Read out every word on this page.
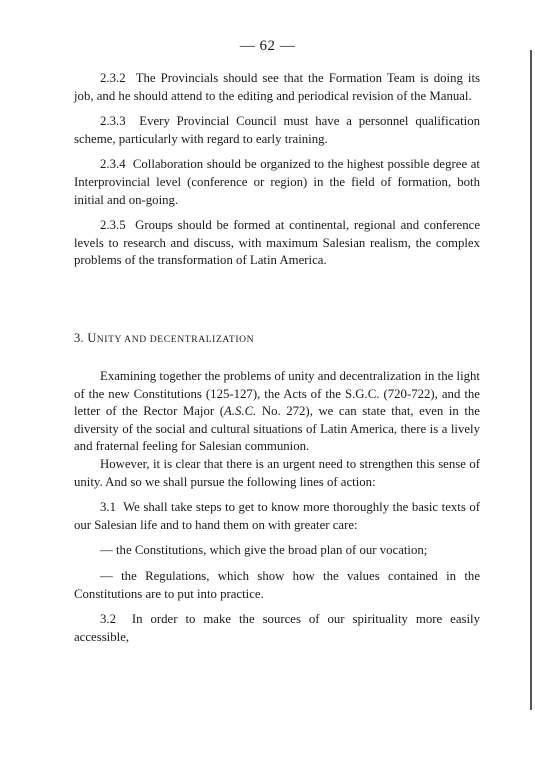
— 62 —

2.3.2 The Provincials should see that the Formation Team is doing its job, and he should attend to the editing and periodical revision of the Manual.

2.3.3 Every Provincial Council must have a personnel qualification scheme, particularly with regard to early training.

2.3.4 Collaboration should be organized to the highest possible degree at Interprovincial level (conference or region) in the field of formation, both initial and on-going.

2.3.5 Groups should be formed at continental, regional and conference levels to research and discuss, with maximum Salesian realism, the complex problems of the transformation of Latin America.

3. UNITY AND DECENTRALIZATION

Examining together the problems of unity and decentralization in the light of the new Constitutions (125-127), the Acts of the S.G.C. (720-722), and the letter of the Rector Major (A.S.C. No. 272), we can state that, even in the diversity of the social and cultural situations of Latin America, there is a lively and fraternal feeling for Salesian communion.

However, it is clear that there is an urgent need to strengthen this sense of unity. And so we shall pursue the following lines of action:

3.1 We shall take steps to get to know more thoroughly the basic texts of our Salesian life and to hand them on with greater care:

— the Constitutions, which give the broad plan of our vocation;

— the Regulations, which show how the values contained in the Constitutions are to put into practice.

3.2 In order to make the sources of our spirituality more easily accessible,
